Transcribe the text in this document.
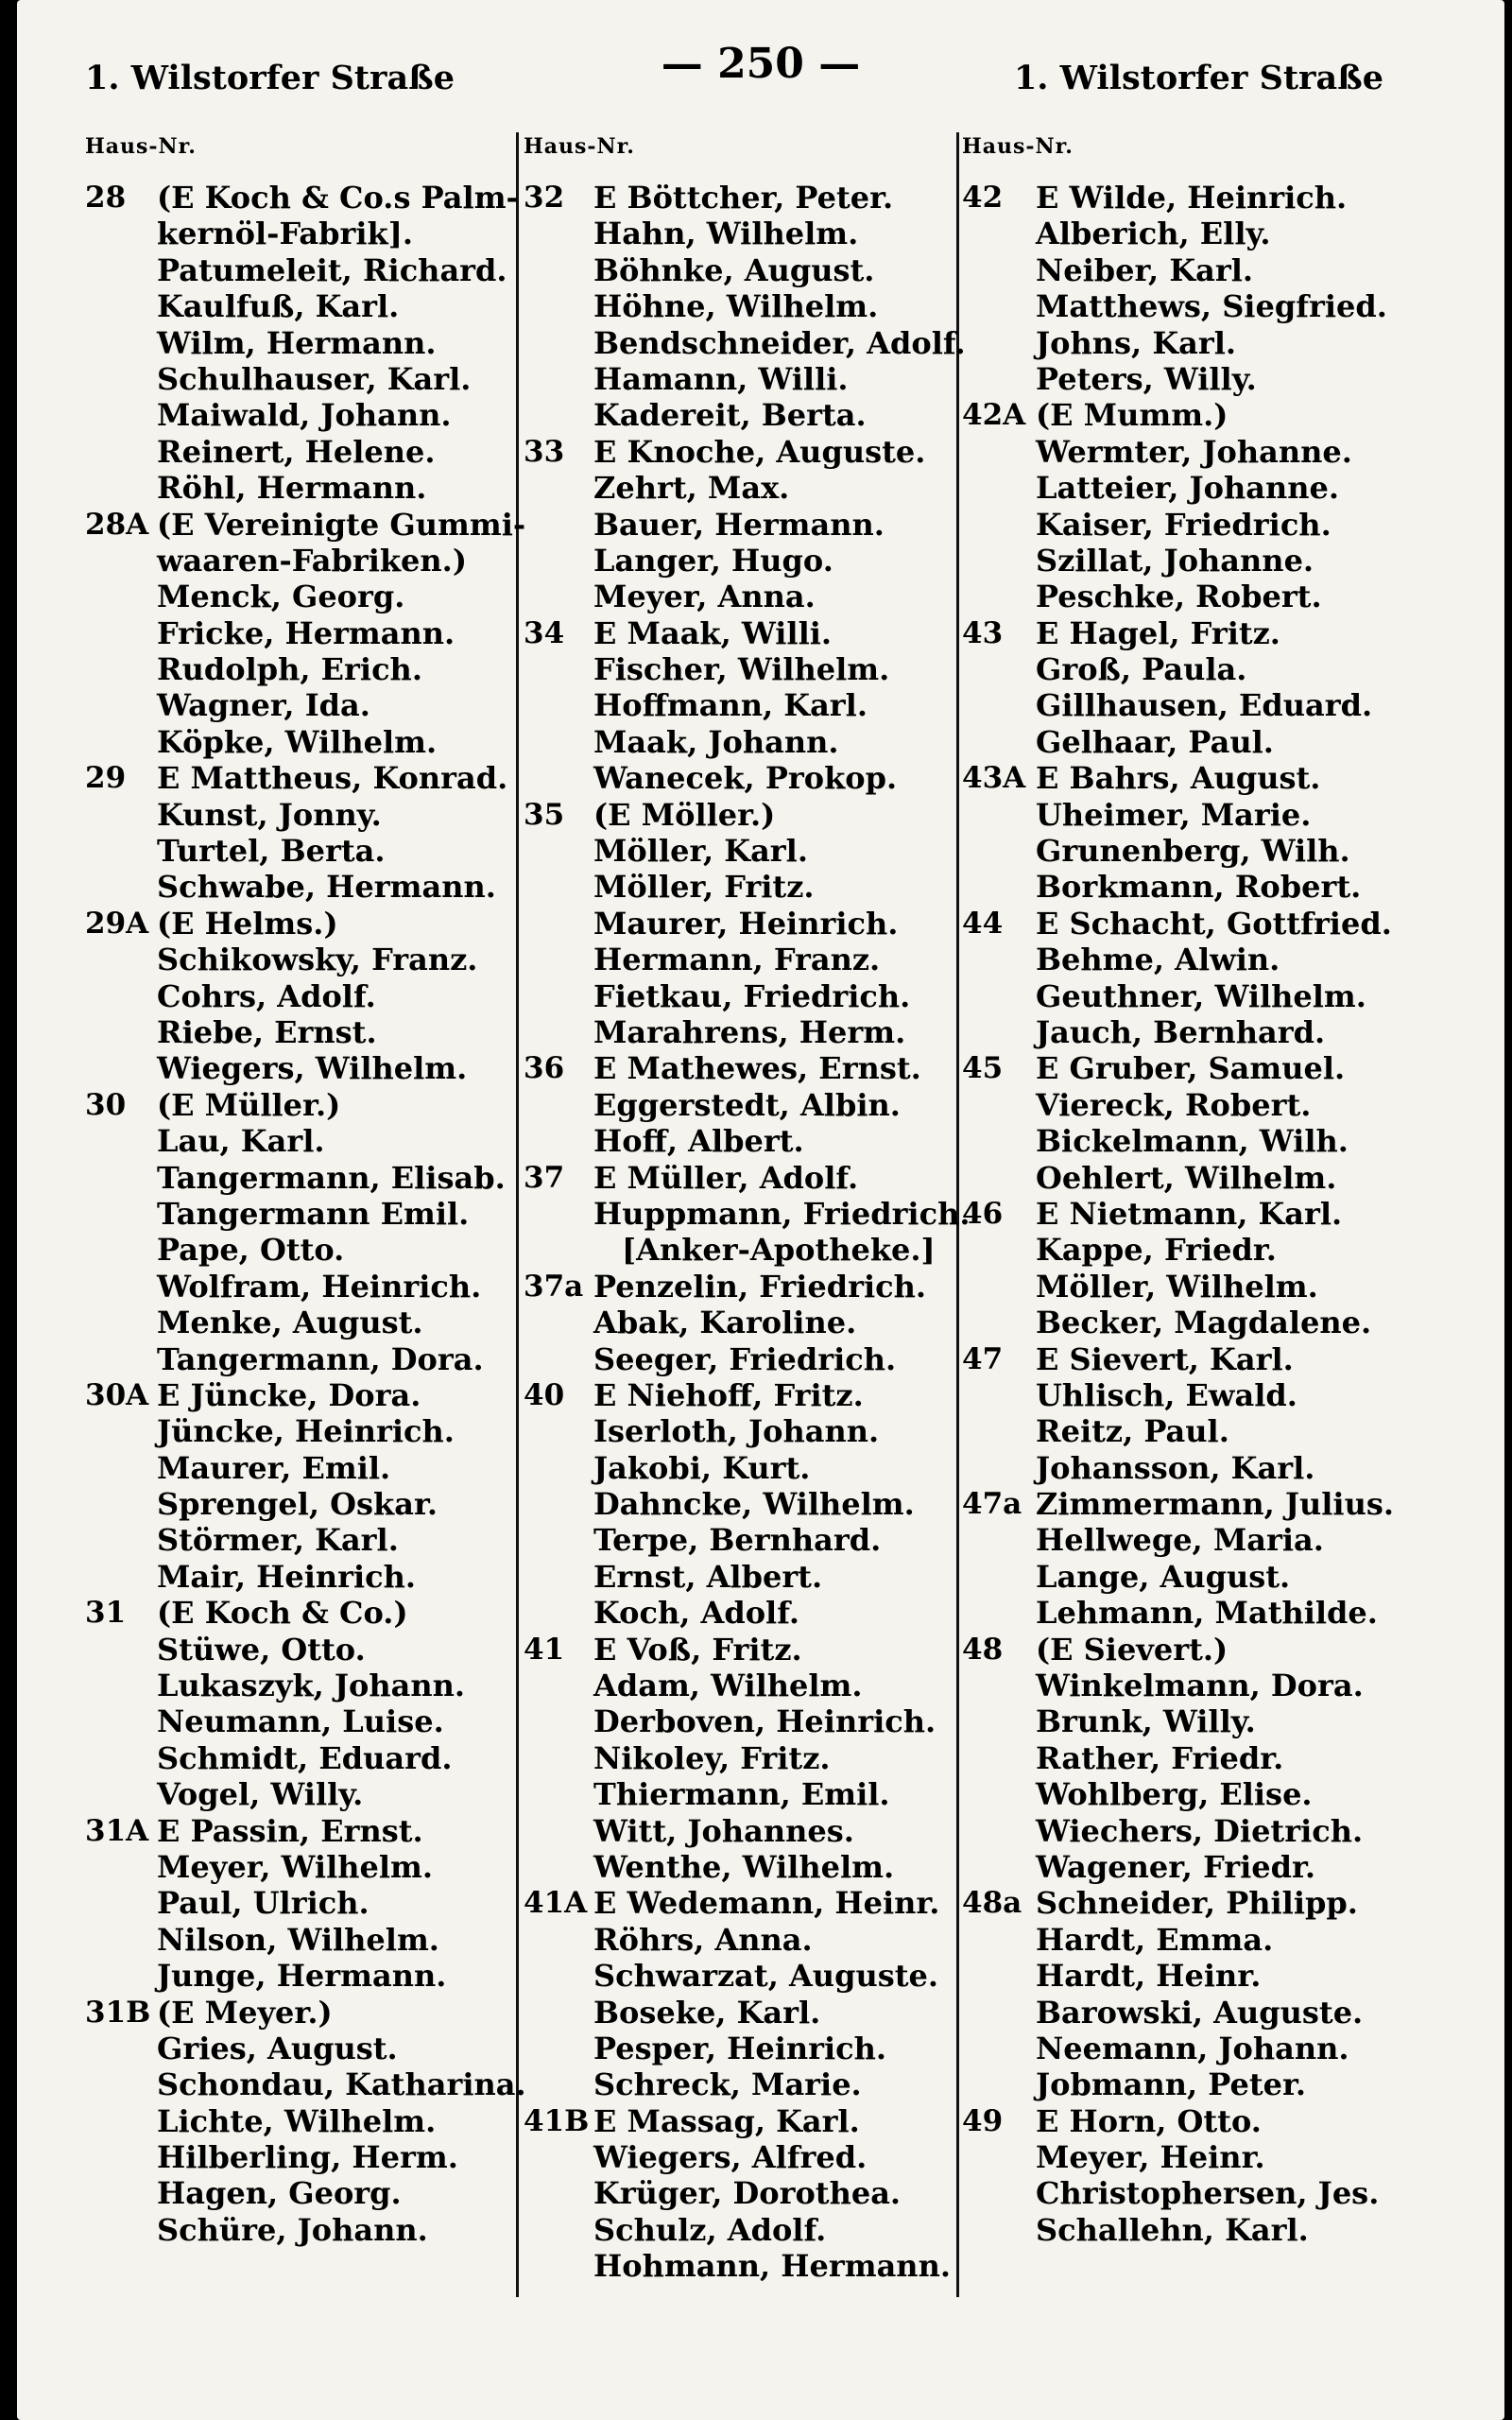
1. Wilstorfer Straße	— 250 —	1. Wilstorfer Straße
Haus-Nr.	Haus-Nr.	Haus-Nr.
28 (E Koch & Co.s Palm-
kernöl-Fabrik].
Patumeleit, Richard.
Kaulfuß, Karl.
Wilm, Hermann.
Schulhauser, Karl.
Maiwald, Johann.
Reinert, Helene.
Röhl, Hermann.
28A (E Vereinigte Gummi-
waaren-Fabriken.)
Menck, Georg.
Fricke, Hermann.
Rudolph, Erich.
Wagner, Ida.
Köpke, Wilhelm.
29 E Mattheus, Konrad.
Kunst, Jonny.
Turtel, Berta.
Schwabe, Hermann.
29A (E Helms.)
Schikowsky, Franz.
Cohrs, Adolf.
Riebe, Ernst.
Wiegers, Wilhelm.
30 (E Müller.)
Lau, Karl.
Tangermann, Elisab.
Tangermann Emil.
Pape, Otto.
Wolfram, Heinrich.
Menke, August.
Tangermann, Dora.
30A E Jüncke, Dora.
Jüncke, Heinrich.
Maurer, Emil.
Sprengel, Oskar.
Störmer, Karl.
Mair, Heinrich.
31 (E Koch & Co.)
Stüwe, Otto.
Lukaszyk, Johann.
Neumann, Luise.
Schmidt, Eduard.
Vogel, Willy.
31A E Passin, Ernst.
Meyer, Wilhelm.
Paul, Ulrich.
Nilson, Wilhelm.
Junge, Hermann.
31B (E Meyer.)
Gries, August.
Schondau, Katharina.
Lichte, Wilhelm.
Hilberling, Herm.
Hagen, Georg.
Schüre, Johann.
32 E Böttcher, Peter.
Hahn, Wilhelm.
Böhnke, August.
Höhne, Wilhelm.
Bendschneider, Adolf.
Hamann, Willi.
Kadereit, Berta.
33 E Knoche, Auguste.
Zehrt, Max.
Bauer, Hermann.
Langer, Hugo.
Meyer, Anna.
34 E Maak, Willi.
Fischer, Wilhelm.
Hoffmann, Karl.
Maak, Johann.
Wanecek, Prokop.
35 (E Möller.)
Möller, Karl.
Möller, Fritz.
Maurer, Heinrich.
Hermann, Franz.
Fietkau, Friedrich.
Marahrens, Herm.
36 E Mathewes, Ernst.
Eggerstedt, Albin.
Hoff, Albert.
37 E Müller, Adolf.
Huppmann, Friedrich.
[Anker-Apotheke.]
37a Penzelin, Friedrich.
Abak, Karoline.
Seeger, Friedrich.
40 E Niehoff, Fritz.
Iserloth, Johann.
Jakobi, Kurt.
Dahncke, Wilhelm.
Terpe, Bernhard.
Ernst, Albert.
Koch, Adolf.
41 E Voß, Fritz.
Adam, Wilhelm.
Derboven, Heinrich.
Nikoley, Fritz.
Thiermann, Emil.
Witt, Johannes.
Wenthe, Wilhelm.
41A E Wedemann, Heinr.
Röhrs, Anna.
Schwarzat, Auguste.
Boseke, Karl.
Pesper, Heinrich.
Schreck, Marie.
41B E Massag, Karl.
Wiegers, Alfred.
Krüger, Dorothea.
Schulz, Adolf.
Hohmann, Hermann.
42 E Wilde, Heinrich.
Alberich, Elly.
Neiber, Karl.
Matthews, Siegfried.
Johns, Karl.
Peters, Willy.
42A (E Mumm.)
Wermter, Johanne.
Latteier, Johanne.
Kaiser, Friedrich.
Szillat, Johanne.
Peschke, Robert.
43 E Hagel, Fritz.
Groß, Paula.
Gillhausen, Eduard.
Gelhaar, Paul.
43A E Bahrs, August.
Uheimer, Marie.
Grunenberg, Wilh.
Borkmann, Robert.
44 E Schacht, Gottfried.
Behme, Alwin.
Geuthner, Wilhelm.
Jauch, Bernhard.
45 E Gruber, Samuel.
Viereck, Robert.
Bickelmann, Wilh.
Oehlert, Wilhelm.
46 E Nietmann, Karl.
Kappe, Friedr.
Möller, Wilhelm.
Becker, Magdalene.
47 E Sievert, Karl.
Uhlisch, Ewald.
Reitz, Paul.
Johansson, Karl.
47a Zimmermann, Julius.
Hellwege, Maria.
Lange, August.
Lehmann, Mathilde.
48 (E Sievert.)
Winkelmann, Dora.
Brunk, Willy.
Rather, Friedr.
Wohlberg, Elise.
Wiechers, Dietrich.
Wagener, Friedr.
48a Schneider, Philipp.
Hardt, Emma.
Hardt, Heinr.
Barowski, Auguste.
Neemann, Johann.
Jobmann, Peter.
49 E Horn, Otto.
Meyer, Heinr.
Christophersen, Jes.
Schallehn, Karl.
